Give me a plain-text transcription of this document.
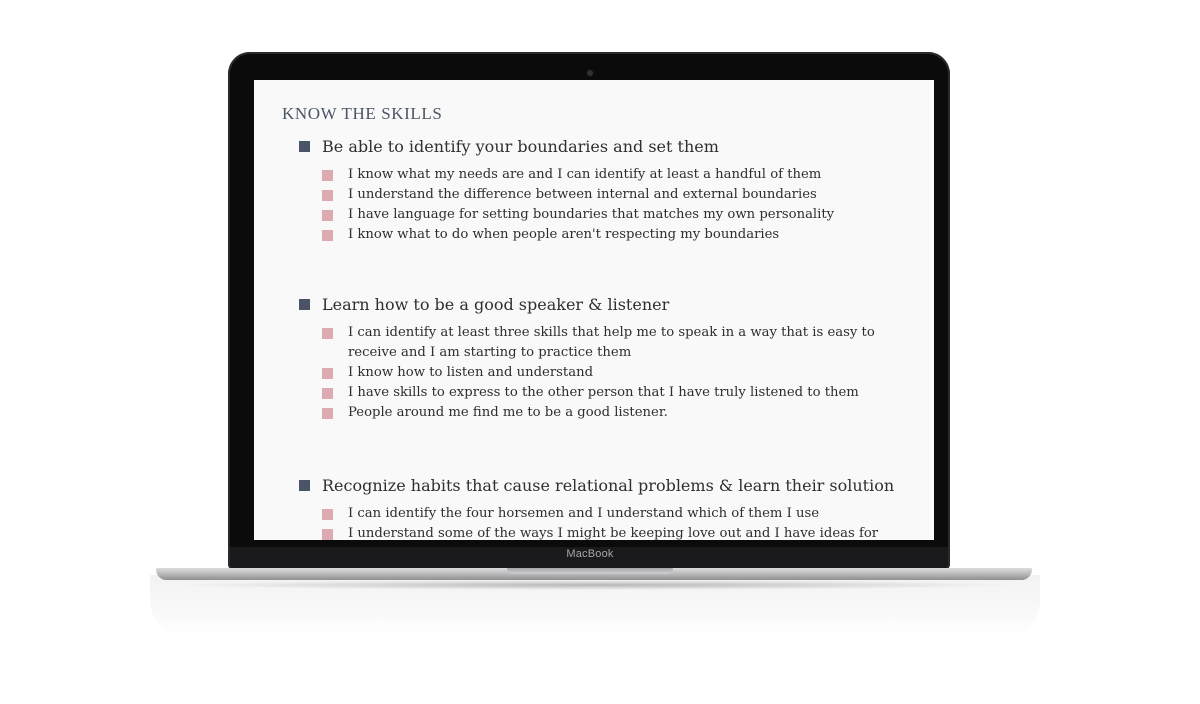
KNOW THE SKILLS
Be able to identify your boundaries and set them
I know what my needs are and I can identify at least a handful of them
I understand the difference between internal and external boundaries
I have language for setting boundaries that matches my own personality
I know what to do when people aren't respecting my boundaries
Learn how to be a good speaker & listener
I can identify at least three skills that help me to speak in a way that is easy to receive and I am starting to practice them
I know how to listen and understand
I have skills to express to the other person that I have truly listened to them
People around me find me to be a good listener.
Recognize habits that cause relational problems & learn their solution
I can identify the four horsemen and I understand which of them I use
I understand some of the ways I might be keeping love out and I have ideas for
MacBook
